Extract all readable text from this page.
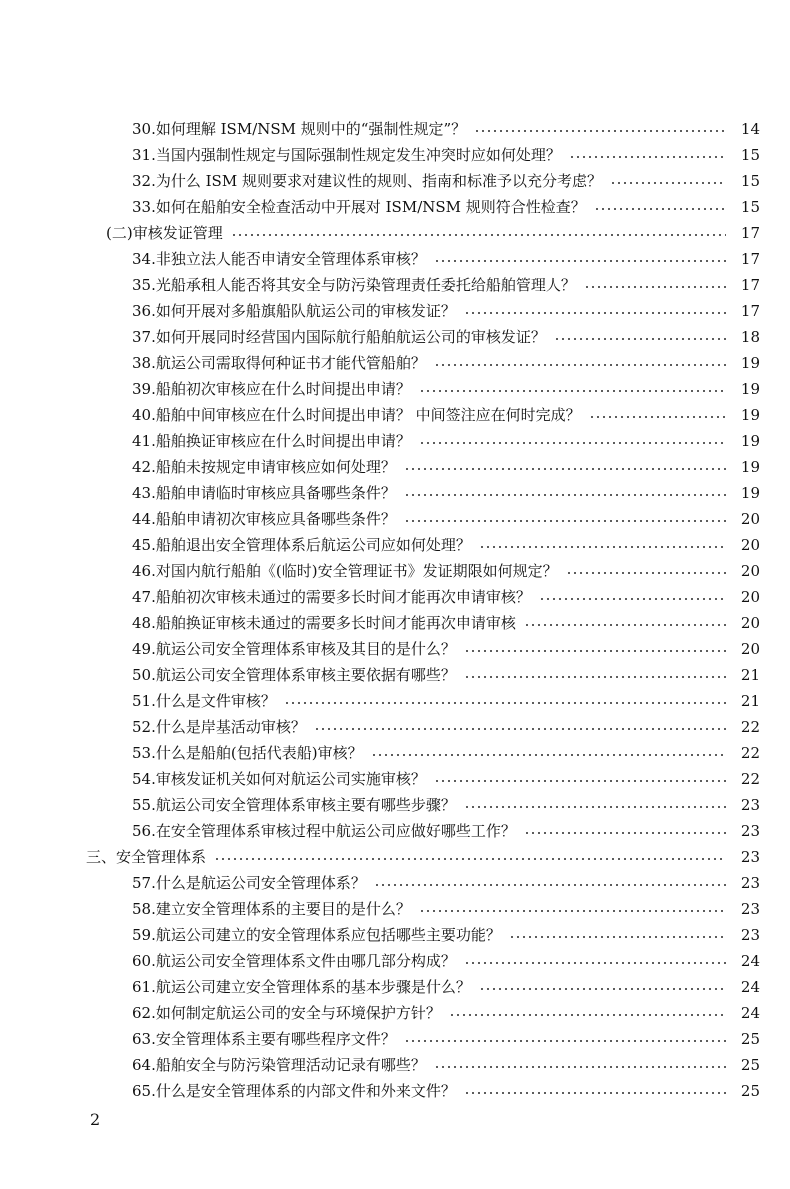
30. 如何理解 ISM/NSM 规则中的“强制性规定”？	14
31. 当国内强制性规定与国际强制性规定发生冲突时应如何处理？	15
32. 为什么 ISM 规则要求对建议性的规则、指南和标准予以充分考虑？	15
33. 如何在船舶安全检查活动中开展对 ISM/NSM 规则符合性检查？	15
(二)审核发证管理	17
34. 非独立法人能否申请安全管理体系审核？	17
35. 光船承租人能否将其安全与防污染管理责任委托给船舶管理人？	17
36. 如何开展对多船旗船队航运公司的审核发证？	17
37. 如何开展同时经营国内国际航行船舶航运公司的审核发证？	18
38. 航运公司需取得何种证书才能代管船舶？	19
39. 船舶初次审核应在什么时间提出申请？	19
40. 船舶中间审核应在什么时间提出申请？ 中间签注应在何时完成？	19
41. 船舶换证审核应在什么时间提出申请？	19
42. 船舶未按规定申请审核应如何处理？	19
43. 船舶申请临时审核应具备哪些条件？	19
44. 船舶申请初次审核应具备哪些条件？	20
45. 船舶退出安全管理体系后航运公司应如何处理？	20
46. 对国内航行船舶《(临时)安全管理证书》发证期限如何规定？	20
47. 船舶初次审核未通过的需要多长时间才能再次申请审核？	20
48. 船舶换证审核未通过的需要多长时间才能再次申请审核	20
49. 航运公司安全管理体系审核及其目的是什么？	20
50. 航运公司安全管理体系审核主要依据有哪些？	21
51. 什么是文件审核？	21
52. 什么是岸基活动审核？	22
53. 什么是船舶(包括代表船)审核？	22
54. 审核发证机关如何对航运公司实施审核？	22
55. 航运公司安全管理体系审核主要有哪些步骤？	23
56. 在安全管理体系审核过程中航运公司应做好哪些工作？	23
三、安全管理体系	23
57. 什么是航运公司安全管理体系？	23
58. 建立安全管理体系的主要目的是什么？	23
59. 航运公司建立的安全管理体系应包括哪些主要功能？	23
60. 航运公司安全管理体系文件由哪几部分构成？	24
61. 航运公司建立安全管理体系的基本步骤是什么？	24
62. 如何制定航运公司的安全与环境保护方针？	24
63. 安全管理体系主要有哪些程序文件？	25
64. 船舶安全与防污染管理活动记录有哪些？	25
65. 什么是安全管理体系的内部文件和外来文件？	25
2
